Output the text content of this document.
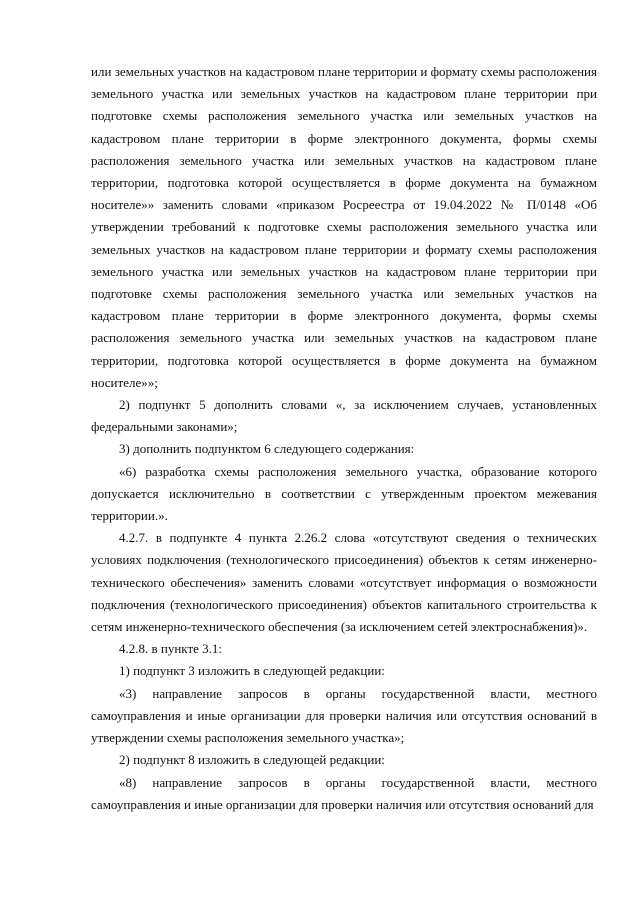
или земельных участков на кадастровом плане территории и формату схемы расположения земельного участка или земельных участков на кадастровом плане территории при подготовке схемы расположения земельного участка или земельных участков на кадастровом плане территории в форме электронного документа, формы схемы расположения земельного участка или земельных участков на кадастровом плане территории, подготовка которой осуществляется в форме документа на бумажном носителе»» заменить словами «приказом Росреестра от 19.04.2022 № П/0148 «Об утверждении требований к подготовке схемы расположения земельного участка или земельных участков на кадастровом плане территории и формату схемы расположения земельного участка или земельных участков на кадастровом плане территории при подготовке схемы расположения земельного участка или земельных участков на кадастровом плане территории в форме электронного документа, формы схемы расположения земельного участка или земельных участков на кадастровом плане территории, подготовка которой осуществляется в форме документа на бумажном носителе»»;

2) подпункт 5 дополнить словами «, за исключением случаев, установленных федеральными законами»;

3) дополнить подпунктом 6 следующего содержания:

«6) разработка схемы расположения земельного участка, образование которого допускается исключительно в соответствии с утвержденным проектом межевания территории.».

4.2.7. в подпункте 4 пункта 2.26.2 слова «отсутствуют сведения о технических условиях подключения (технологического присоединения) объектов к сетям инженерно-технического обеспечения» заменить словами «отсутствует информация о возможности подключения (технологического присоединения) объектов капитального строительства к сетям инженерно-технического обеспечения (за исключением сетей электроснабжения)».

4.2.8. в пункте 3.1:

1) подпункт 3 изложить в следующей редакции:

«3) направление запросов в органы государственной власти, местного самоуправления и иные организации для проверки наличия или отсутствия оснований в утверждении схемы расположения земельного участка»;

2) подпункт 8 изложить в следующей редакции:

«8) направление запросов в органы государственной власти, местного самоуправления и иные организации для проверки наличия или отсутствия оснований для
